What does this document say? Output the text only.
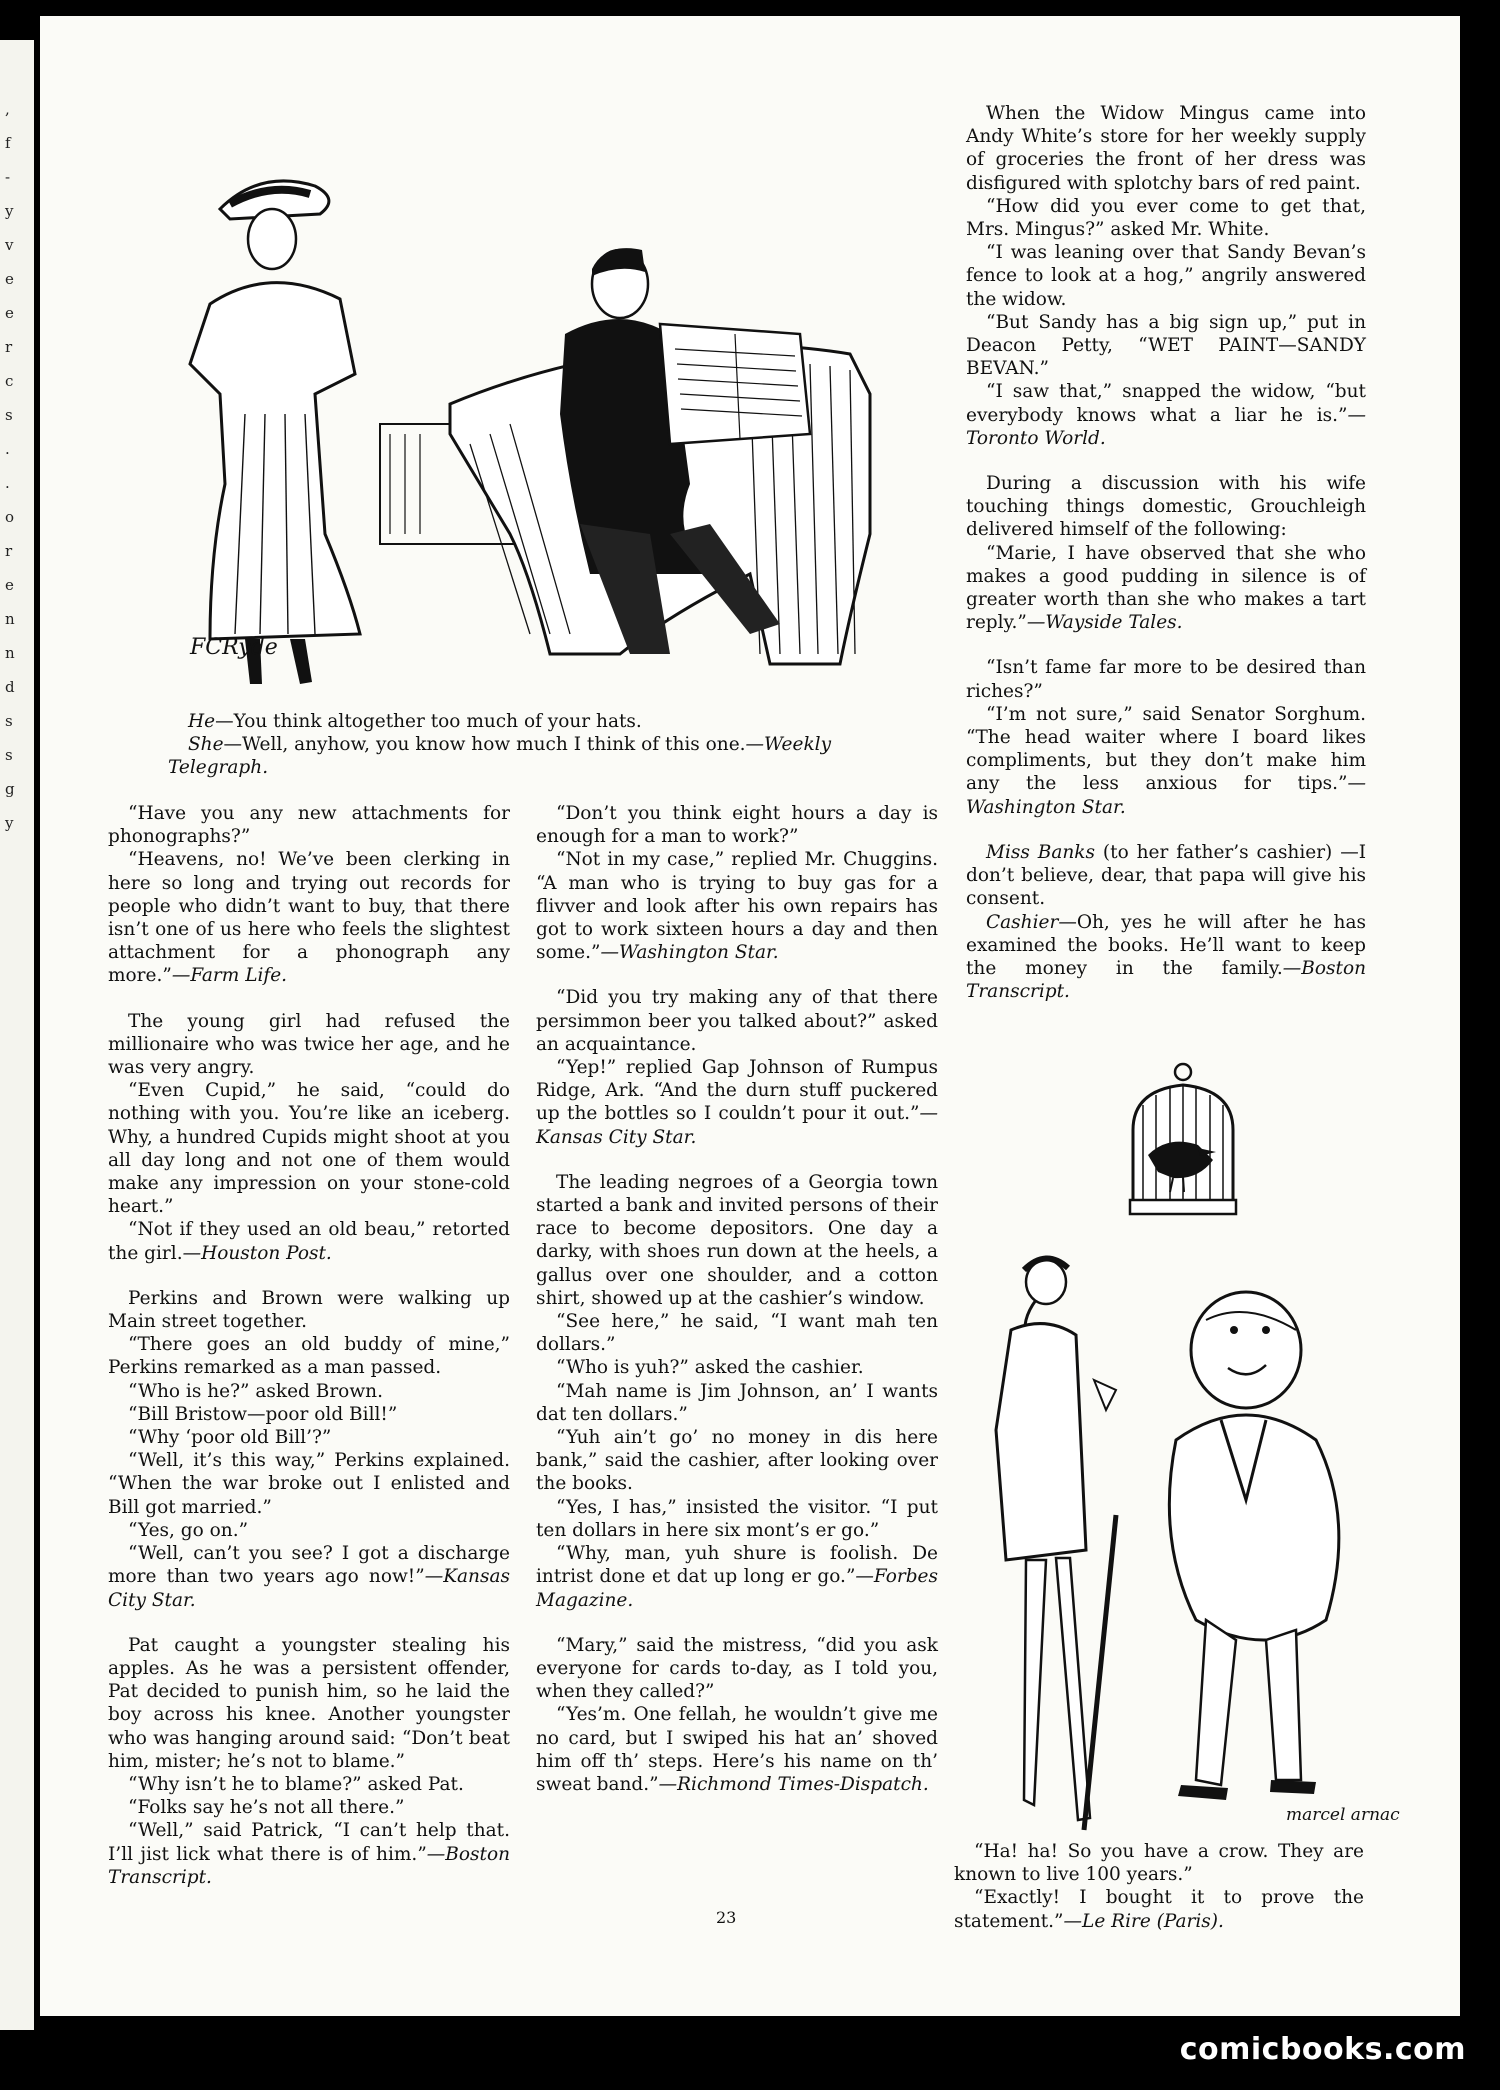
,
f
-
y
v
e
e
r
c
s
.
.
o
r
e
n
n
d
s
s
g
y
FCRyde

He—You think altogether too much of your hats.

She—Well, anyhow, you know how much I think of this one.—Weekly Telegraph.

“Have you any new attachments for phonographs?”

“Heavens, no! We’ve been clerking in here so long and trying out records for people who didn’t want to buy, that there isn’t one of us here who feels the slightest attachment for a phonograph any more.”—Farm Life.

The young girl had refused the millionaire who was twice her age, and he was very angry.

“Even Cupid,” he said, “could do nothing with you. You’re like an iceberg. Why, a hundred Cupids might shoot at you all day long and not one of them would make any impression on your stone-cold heart.”

“Not if they used an old beau,” retorted the girl.—Houston Post.

Perkins and Brown were walking up Main street together.

“There goes an old buddy of mine,” Perkins remarked as a man passed.

“Who is he?” asked Brown.

“Bill Bristow—poor old Bill!”

“Why ‘poor old Bill’?”

“Well, it’s this way,” Perkins explained. “When the war broke out I enlisted and Bill got married.”

“Yes, go on.”

“Well, can’t you see? I got a discharge more than two years ago now!”—Kansas City Star.

Pat caught a youngster stealing his apples. As he was a persistent offender, Pat decided to punish him, so he laid the boy across his knee. Another youngster who was hanging around said: “Don’t beat him, mister; he’s not to blame.”

“Why isn’t he to blame?” asked Pat.

“Folks say he’s not all there.”

“Well,” said Patrick, “I can’t help that. I’ll jist lick what there is of him.”—Boston Transcript.

“Don’t you think eight hours a day is enough for a man to work?”

“Not in my case,” replied Mr. Chuggins. “A man who is trying to buy gas for a flivver and look after his own repairs has got to work sixteen hours a day and then some.”—Washington Star.

“Did you try making any of that there persimmon beer you talked about?” asked an acquaintance.

“Yep!” replied Gap Johnson of Rumpus Ridge, Ark. “And the durn stuff puckered up the bottles so I couldn’t pour it out.”—Kansas City Star.

The leading negroes of a Georgia town started a bank and invited persons of their race to become depositors. One day a darky, with shoes run down at the heels, a gallus over one shoulder, and a cotton shirt, showed up at the cashier’s window.

“See here,” he said, “I want mah ten dollars.”

“Who is yuh?” asked the cashier.

“Mah name is Jim Johnson, an’ I wants dat ten dollars.”

“Yuh ain’t go’ no money in dis here bank,” said the cashier, after looking over the books.

“Yes, I has,” insisted the visitor. “I put ten dollars in here six mont’s er go.”

“Why, man, yuh shure is foolish. De intrist done et dat up long er go.”—Forbes Magazine.

“Mary,” said the mistress, “did you ask everyone for cards to-day, as I told you, when they called?”

“Yes’m. One fellah, he wouldn’t give me no card, but I swiped his hat an’ shoved him off th’ steps. Here’s his name on th’ sweat band.”—Richmond Times-Dispatch.

When the Widow Mingus came into Andy White’s store for her weekly supply of groceries the front of her dress was disfigured with splotchy bars of red paint.

“How did you ever come to get that, Mrs. Mingus?” asked Mr. White.

“I was leaning over that Sandy Bevan’s fence to look at a hog,” angrily answered the widow.

“But Sandy has a big sign up,” put in Deacon Petty, “WET PAINT—SANDY BEVAN.”

“I saw that,” snapped the widow, “but everybody knows what a liar he is.”—Toronto World.

During a discussion with his wife touching things domestic, Grouchleigh delivered himself of the following:

“Marie, I have observed that she who makes a good pudding in silence is of greater worth than she who makes a tart reply.”—Wayside Tales.

“Isn’t fame far more to be desired than riches?”

“I’m not sure,” said Senator Sorghum. “The head waiter where I board likes compliments, but they don’t make him any the less anxious for tips.”—Washington Star.

Miss Banks (to her father’s cashier) —I don’t believe, dear, that papa will give his consent.

Cashier—Oh, yes he will after he has examined the books. He’ll want to keep the money in the family.—Boston Transcript.

marcel arnac

“Ha! ha! So you have a crow. They are known to live 100 years.”

“Exactly! I bought it to prove the statement.”—Le Rire (Paris).

23
comicbooks.com
